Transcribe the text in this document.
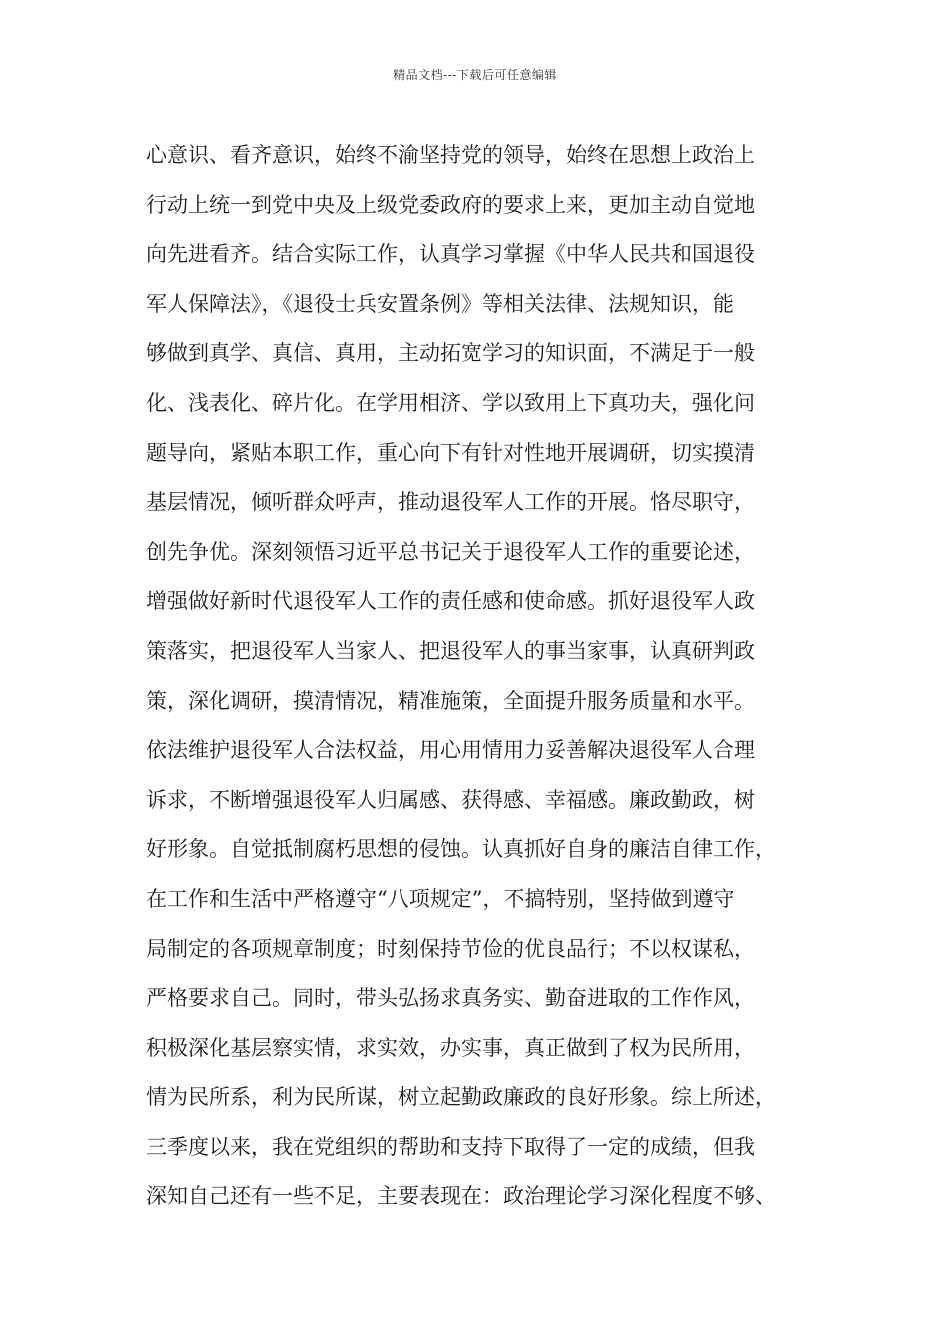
精品文档---下载后可任意编辑
心意识、看齐意识，始终不渝坚持党的领导，始终在思想上政治上
行动上统一到党中央及上级党委政府的要求上来，更加主动自觉地
向先进看齐。结合实际工作，认真学习掌握《中华人民共和国退役
军人保障法》，《退役士兵安置条例》等相关法律、法规知识，能
够做到真学、真信、真用，主动拓宽学习的知识面，不满足于一般
化、浅表化、碎片化。在学用相济、学以致用上下真功夫，强化问
题导向，紧贴本职工作，重心向下有针对性地开展调研，切实摸清
基层情况，倾听群众呼声，推动退役军人工作的开展。恪尽职守，
创先争优。深刻领悟习近平总书记关于退役军人工作的重要论述，
增强做好新时代退役军人工作的责任感和使命感。抓好退役军人政
策落实，把退役军人当家人、把退役军人的事当家事，认真研判政
策，深化调研，摸清情况，精准施策，全面提升服务质量和水平。
依法维护退役军人合法权益，用心用情用力妥善解决退役军人合理
诉求，不断增强退役军人归属感、获得感、幸福感。廉政勤政，树
好形象。自觉抵制腐朽思想的侵蚀。认真抓好自身的廉洁自律工作，
在工作和生活中严格遵守“八项规定”，不搞特别，坚持做到遵守
局制定的各项规章制度；时刻保持节俭的优良品行；不以权谋私，
严格要求自己。同时，带头弘扬求真务实、勤奋进取的工作作风，
积极深化基层察实情，求实效，办实事，真正做到了权为民所用，
情为民所系，利为民所谋，树立起勤政廉政的良好形象。综上所述，
三季度以来，我在党组织的帮助和支持下取得了一定的成绩，但我
深知自己还有一些不足，主要表现在：政治理论学习深化程度不够、
